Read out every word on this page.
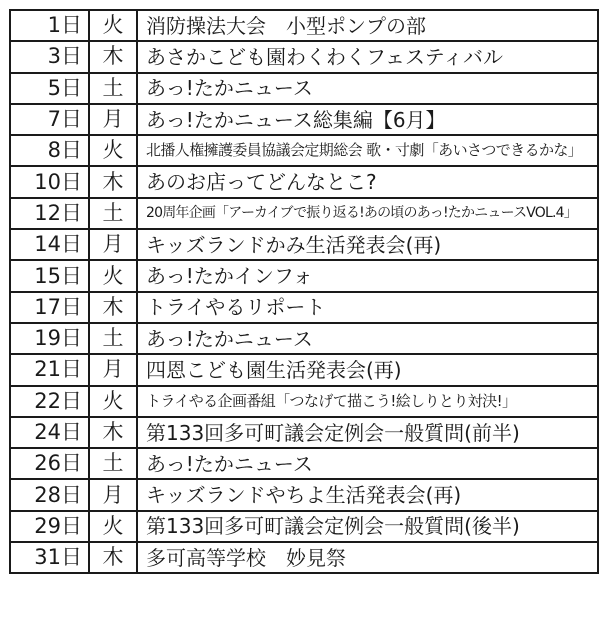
1日	火	消防操法大会　小型ポンプの部
3日	木	あさかこども園わくわくフェスティバル
5日	土	あっ!たかニュース
7日	月	あっ!たかニュース総集編【6月】
8日	火	北播人権擁護委員協議会定期総会 歌・寸劇「あいさつできるかな」
10日	木	あのお店ってどんなとこ?
12日	土	20周年企画「アーカイブで振り返る!あの頃のあっ!たかニュースVOL.4」
14日	月	キッズランドかみ生活発表会(再)
15日	火	あっ!たかインフォ
17日	木	トライやるリポート
19日	土	あっ!たかニュース
21日	月	四恩こども園生活発表会(再)
22日	火	トライやる企画番組「つなげて描こう!絵しりとり対決!」
24日	木	第133回多可町議会定例会一般質問(前半)
26日	土	あっ!たかニュース
28日	月	キッズランドやちよ生活発表会(再)
29日	火	第133回多可町議会定例会一般質問(後半)
31日	木	多可高等学校　妙見祭
